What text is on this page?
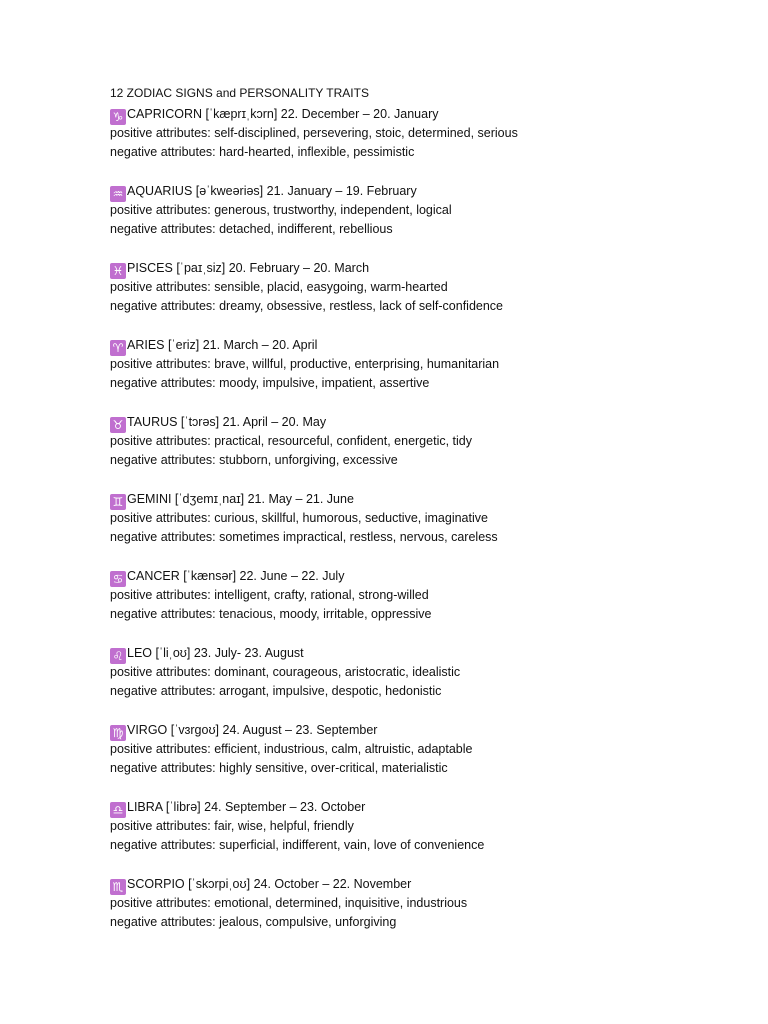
12 ZODIAC SIGNS and PERSONALITY TRAITS
♑ CAPRICORN [ˈkæprɪˌkɔrn] 22. December – 20. January
positive attributes: self-disciplined, persevering, stoic, determined, serious
negative attributes: hard-hearted, inflexible, pessimistic
♒ AQUARIUS [əˈkweəriəs] 21. January – 19. February
positive attributes: generous, trustworthy, independent, logical
negative attributes: detached, indifferent, rebellious
♓ PISCES [ˈpaɪˌsiz] 20. February – 20. March
positive attributes: sensible, placid, easygoing, warm-hearted
negative attributes: dreamy, obsessive, restless, lack of self-confidence
♈ ARIES [ˈeriz] 21. March – 20. April
positive attributes: brave, willful, productive, enterprising, humanitarian
negative attributes: moody, impulsive, impatient, assertive
♉ TAURUS [ˈtɔrəs] 21. April – 20. May
positive attributes: practical, resourceful, confident, energetic, tidy
negative attributes: stubborn, unforgiving, excessive
♊ GEMINI [ˈdʒemɪˌnaɪ] 21. May – 21. June
positive attributes: curious, skillful, humorous, seductive, imaginative
negative attributes: sometimes impractical, restless, nervous, careless
♋ CANCER [ˈkænsər] 22. June – 22. July
positive attributes: intelligent, crafty, rational, strong-willed
negative attributes: tenacious, moody, irritable, oppressive
♌ LEO [ˈliˌoʊ] 23. July- 23. August
positive attributes: dominant, courageous, aristocratic, idealistic
negative attributes: arrogant, impulsive, despotic, hedonistic
♍ VIRGO [ˈvɜrgoʊ] 24. August – 23. September
positive attributes: efficient, industrious, calm, altruistic, adaptable
negative attributes: highly sensitive, over-critical, materialistic
♎ LIBRA [ˈlibrə] 24. September – 23. October
positive attributes: fair, wise, helpful, friendly
negative attributes: superficial, indifferent, vain, love of convenience
♏ SCORPIO [ˈskɔrpiˌoʊ] 24. October – 22. November
positive attributes: emotional, determined, inquisitive, industrious
negative attributes: jealous, compulsive, unforgiving
